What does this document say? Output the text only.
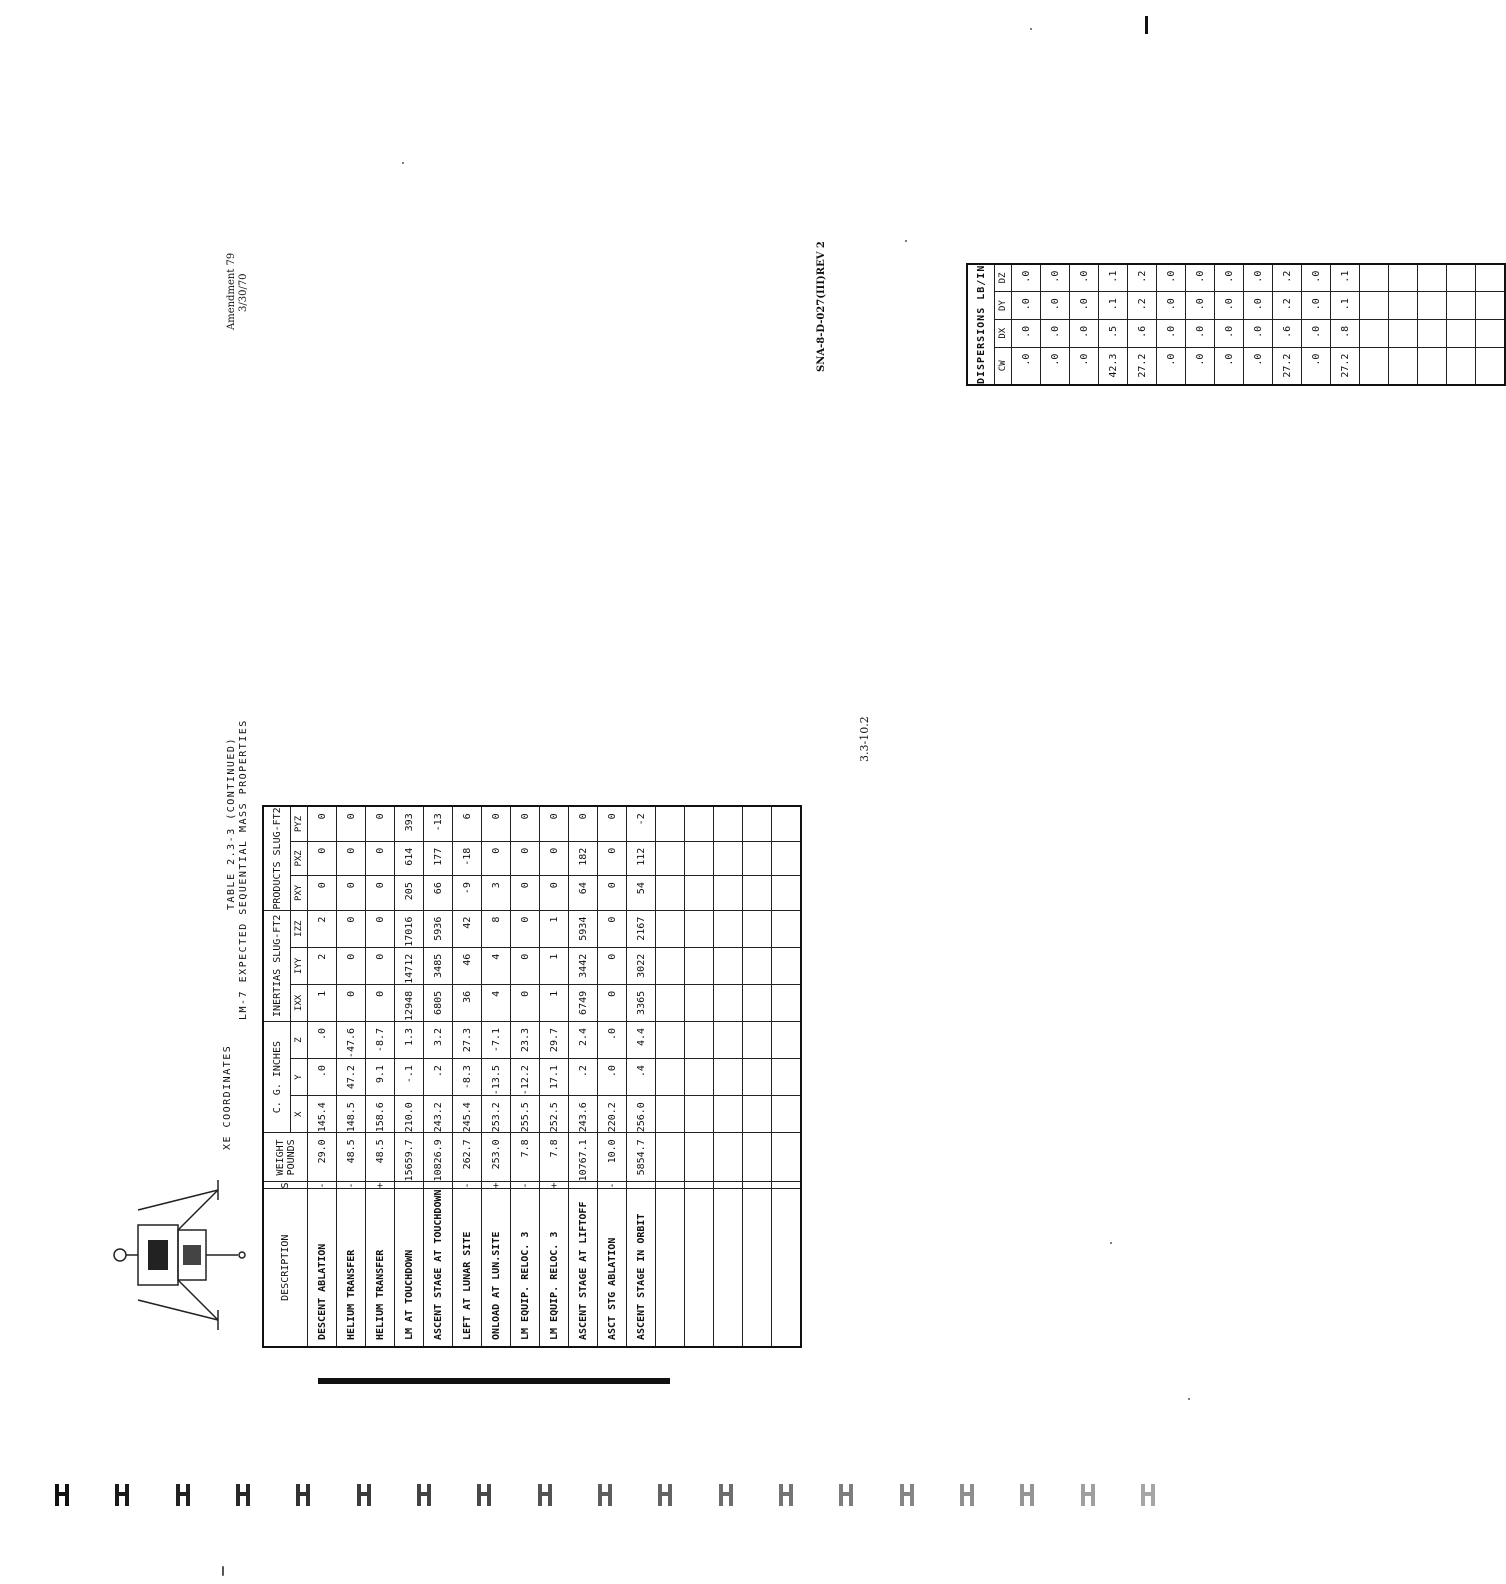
XE COORDINATES
TABLE 2.3-3 (CONTINUED) LM-7 EXPECTED SEQUENTIAL MASS PROPERTIES
Amendment 79 3/30/70
DESCRIPTION	S	WEIGHT POUNDS	C. G. INCHES			INERTIAS SLUG-FT2			PRODUCTS SLUG-FT2		
			X	Y	Z	IXX	IYY	IZZ	PXY	PXZ	PYZ
DESCENT ABLATION	-	29.0	145.4	.0	.0	1	2	2	0	0	0
HELIUM TRANSFER	-	48.5	148.5	47.2	-47.6	0	0	0	0	0	0
HELIUM TRANSFER	+	48.5	158.6	9.1	-8.7	0	0	0	0	0	0
LM AT TOUCHDOWN		15659.7	210.0	-.1	1.3	12948	14712	17016	205	614	393
ASCENT STAGE AT TOUCHDOWN		10826.9	243.2	.2	3.2	6805	3485	5936	66	177	-13
LEFT AT LUNAR SITE	-	262.7	245.4	-8.3	27.3	36	46	42	-9	-18	6
ONLOAD AT LUN.SITE	+	253.0	253.2	-13.5	-7.1	4	4	8	3	0	0
LM EQUIP. RELOC. 3	-	7.8	255.5	-12.2	23.3	0	0	0	0	0	0
LM EQUIP. RELOC. 3	+	7.8	252.5	17.1	29.7	1	1	1	0	0	0
ASCENT STAGE AT LIFTOFF		10767.1	243.6	.2	2.4	6749	3442	5934	64	182	0
ASCT STG ABLATION	-	10.0	220.2	.0	.0	0	0	0	0	0	0
ASCENT STAGE IN ORBIT		5854.7	256.0	.4	4.4	3365	3022	2167	54	112	-2

DISPERSIONS LB/IN			
CW	DX	DY	DZ
.0	.0	.0	.0
.0	.0	.0	.0
.0	.0	.0	.0
42.3	.5	.1	.1
27.2	.6	.2	.2
.0	.0	.0	.0
.0	.0	.0	.0
.0	.0	.0	.0
.0	.0	.0	.0
27.2	.6	.2	.2
.0	.0	.0	.0
27.2	.8	.1	.1

3.3-10.2
SNA-8-D-027(III)REV 2
